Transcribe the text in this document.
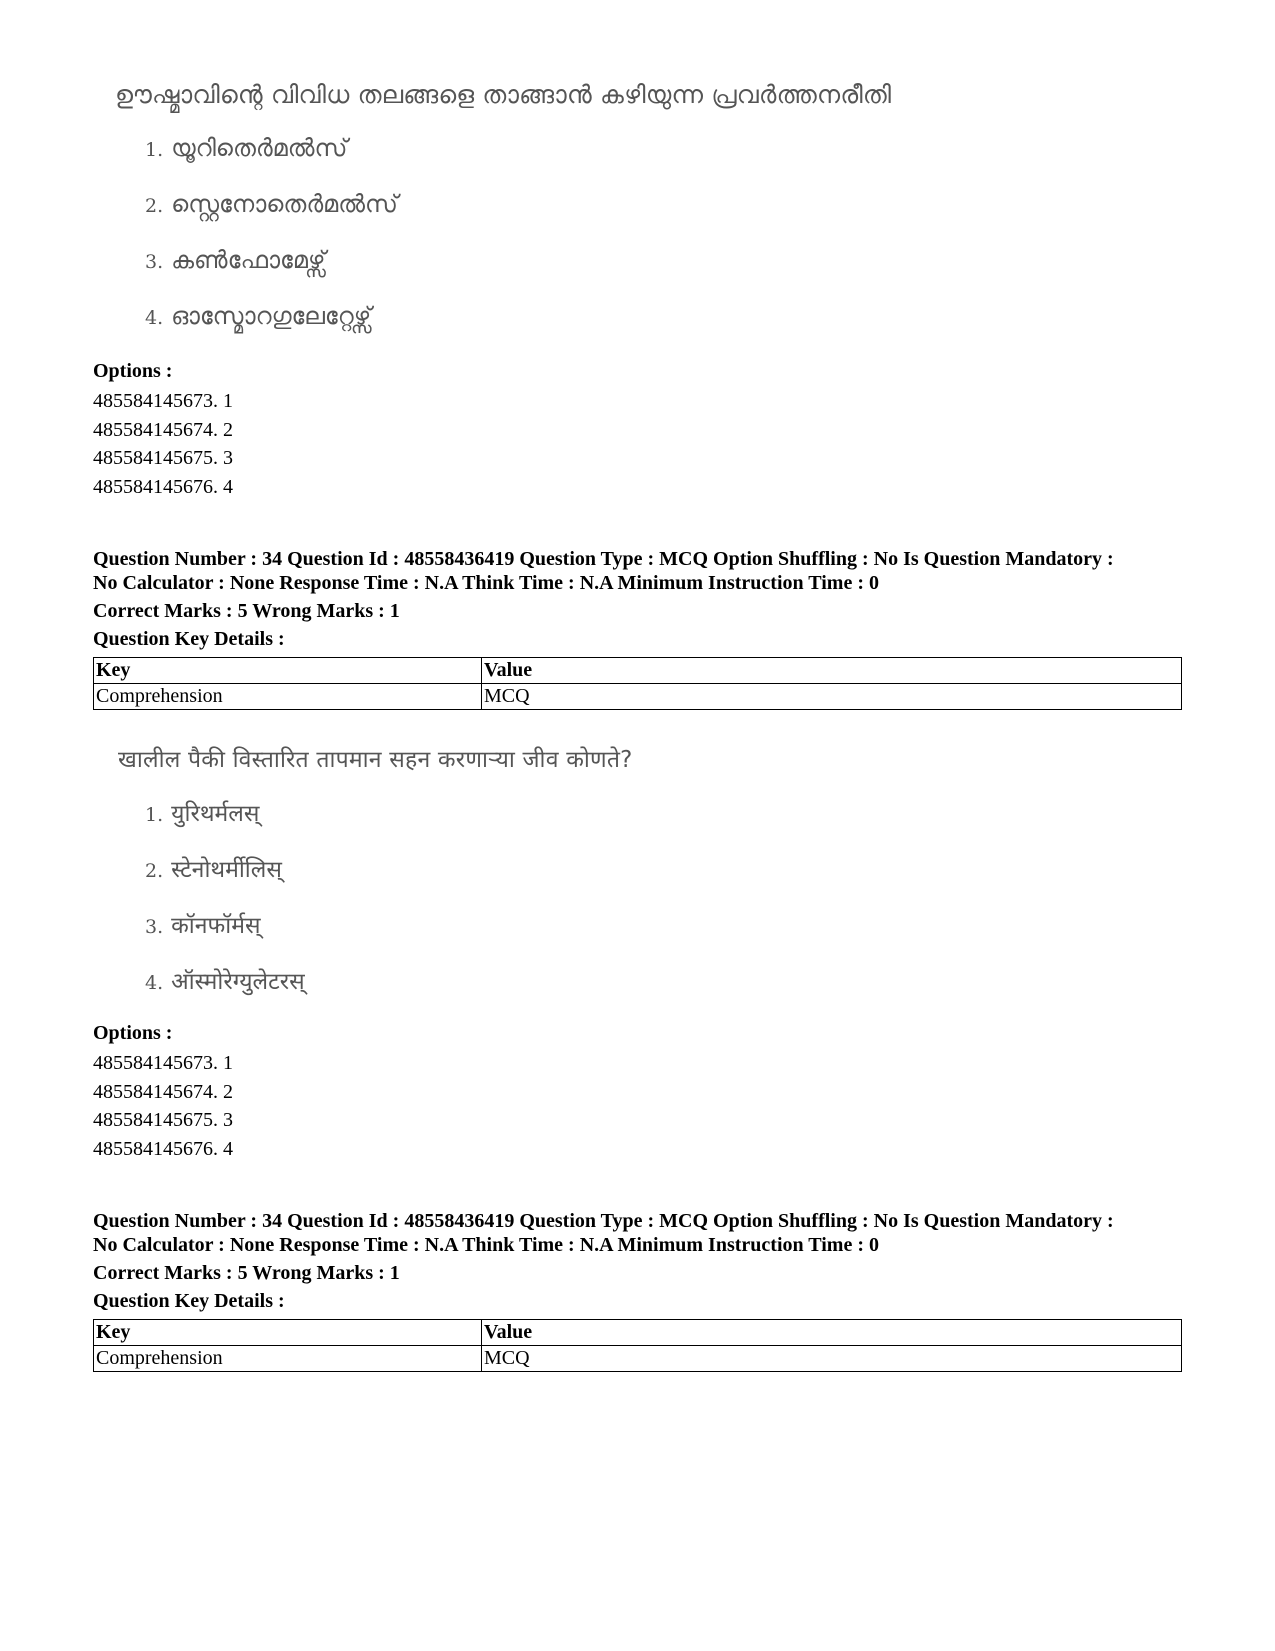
ഊഷ്മാവിന്റെ വിവിധ തലങ്ങളെ താങ്ങാൻ കഴിയുന്ന പ്രവർത്തനരീതി
1. യൂറിതെർമൽസ്
2. സ്റ്റെനോതെർമൽസ്
3. കൺഫോമേഴ്സ്
4. ഓസ്മോറഗുലേറ്റേഴ്സ്
Options :
485584145673. 1
485584145674. 2
485584145675. 3
485584145676. 4
Question Number : 34 Question Id : 48558436419 Question Type : MCQ Option Shuffling : No Is Question Mandatory :
No Calculator : None Response Time : N.A Think Time : N.A Minimum Instruction Time : 0
Correct Marks : 5 Wrong Marks : 1
Question Key Details :
Key	Value
Comprehension	MCQ
खालील पैकी विस्तारित तापमान सहन करणाऱ्या जीव कोणते?
1. युरिथर्मलस्
2. स्टेनोथर्मीलिस्
3. कॉनफॉर्मस्
4. ऑस्मोरेग्युलेटरस्
Options :
485584145673. 1
485584145674. 2
485584145675. 3
485584145676. 4
Question Number : 34 Question Id : 48558436419 Question Type : MCQ Option Shuffling : No Is Question Mandatory :
No Calculator : None Response Time : N.A Think Time : N.A Minimum Instruction Time : 0
Correct Marks : 5 Wrong Marks : 1
Question Key Details :
Key	Value
Comprehension	MCQ
